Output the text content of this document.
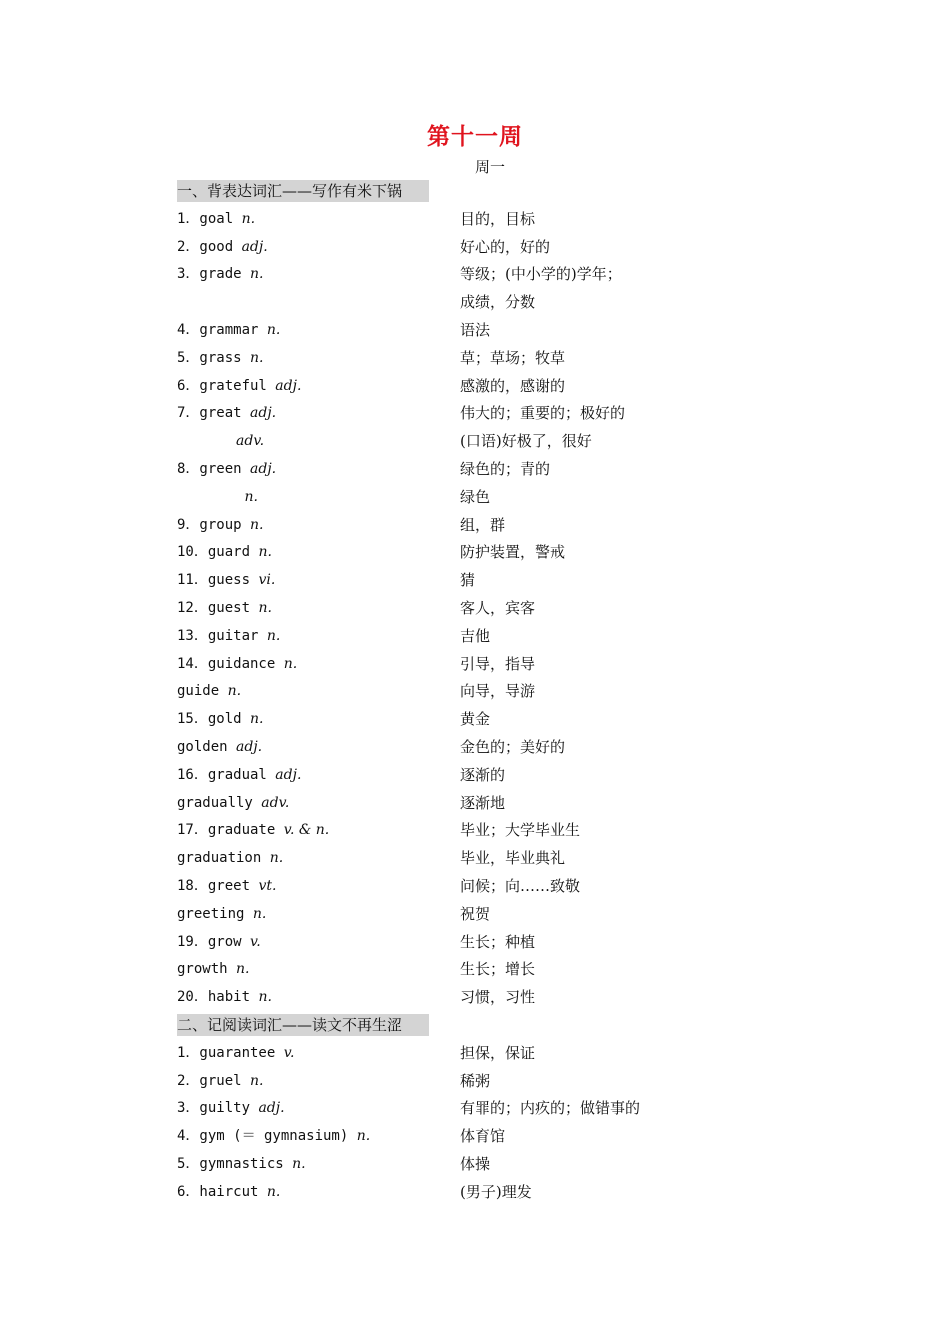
第十一周
周一
一、背表达词汇——写作有米下锅
1．goal n.	目的，目标
2．good adj.	好心的，好的
3．grade n.	等级；(中小学的)学年；
成绩，分数
4．grammar n.	语法
5．grass n.	草；草场；牧草
6．grateful adj.	感激的，感谢的
7．great adj.	伟大的；重要的；极好的
adv.	(口语)好极了，很好
8．green adj.	绿色的；青的
n.	绿色
9．group n.	组，群
10．guard n.	防护装置，警戒
11．guess vi.	猜
12．guest n.	客人，宾客
13．guitar n.	吉他
14．guidance n.	引导，指导
guide n.	向导，导游
15．gold n.	黄金
golden adj.	金色的；美好的
16．gradual adj.	逐渐的
gradually adv.	逐渐地
17．graduate v. & n.	毕业；大学毕业生
graduation n.	毕业，毕业典礼
18．greet vt.	问候；向……致敬
greeting n.	祝贺
19．grow v.	生长；种植
growth n.	生长；增长
20．habit n.	习惯，习性
二、记阅读词汇——读文不再生涩
1．guarantee v.	担保，保证
2．gruel n.	稀粥
3．guilty adj.	有罪的；内疚的；做错事的
4．gym (＝ gymnasium) n.	体育馆
5．gymnastics n.	体操
6．haircut n.	(男子)理发
